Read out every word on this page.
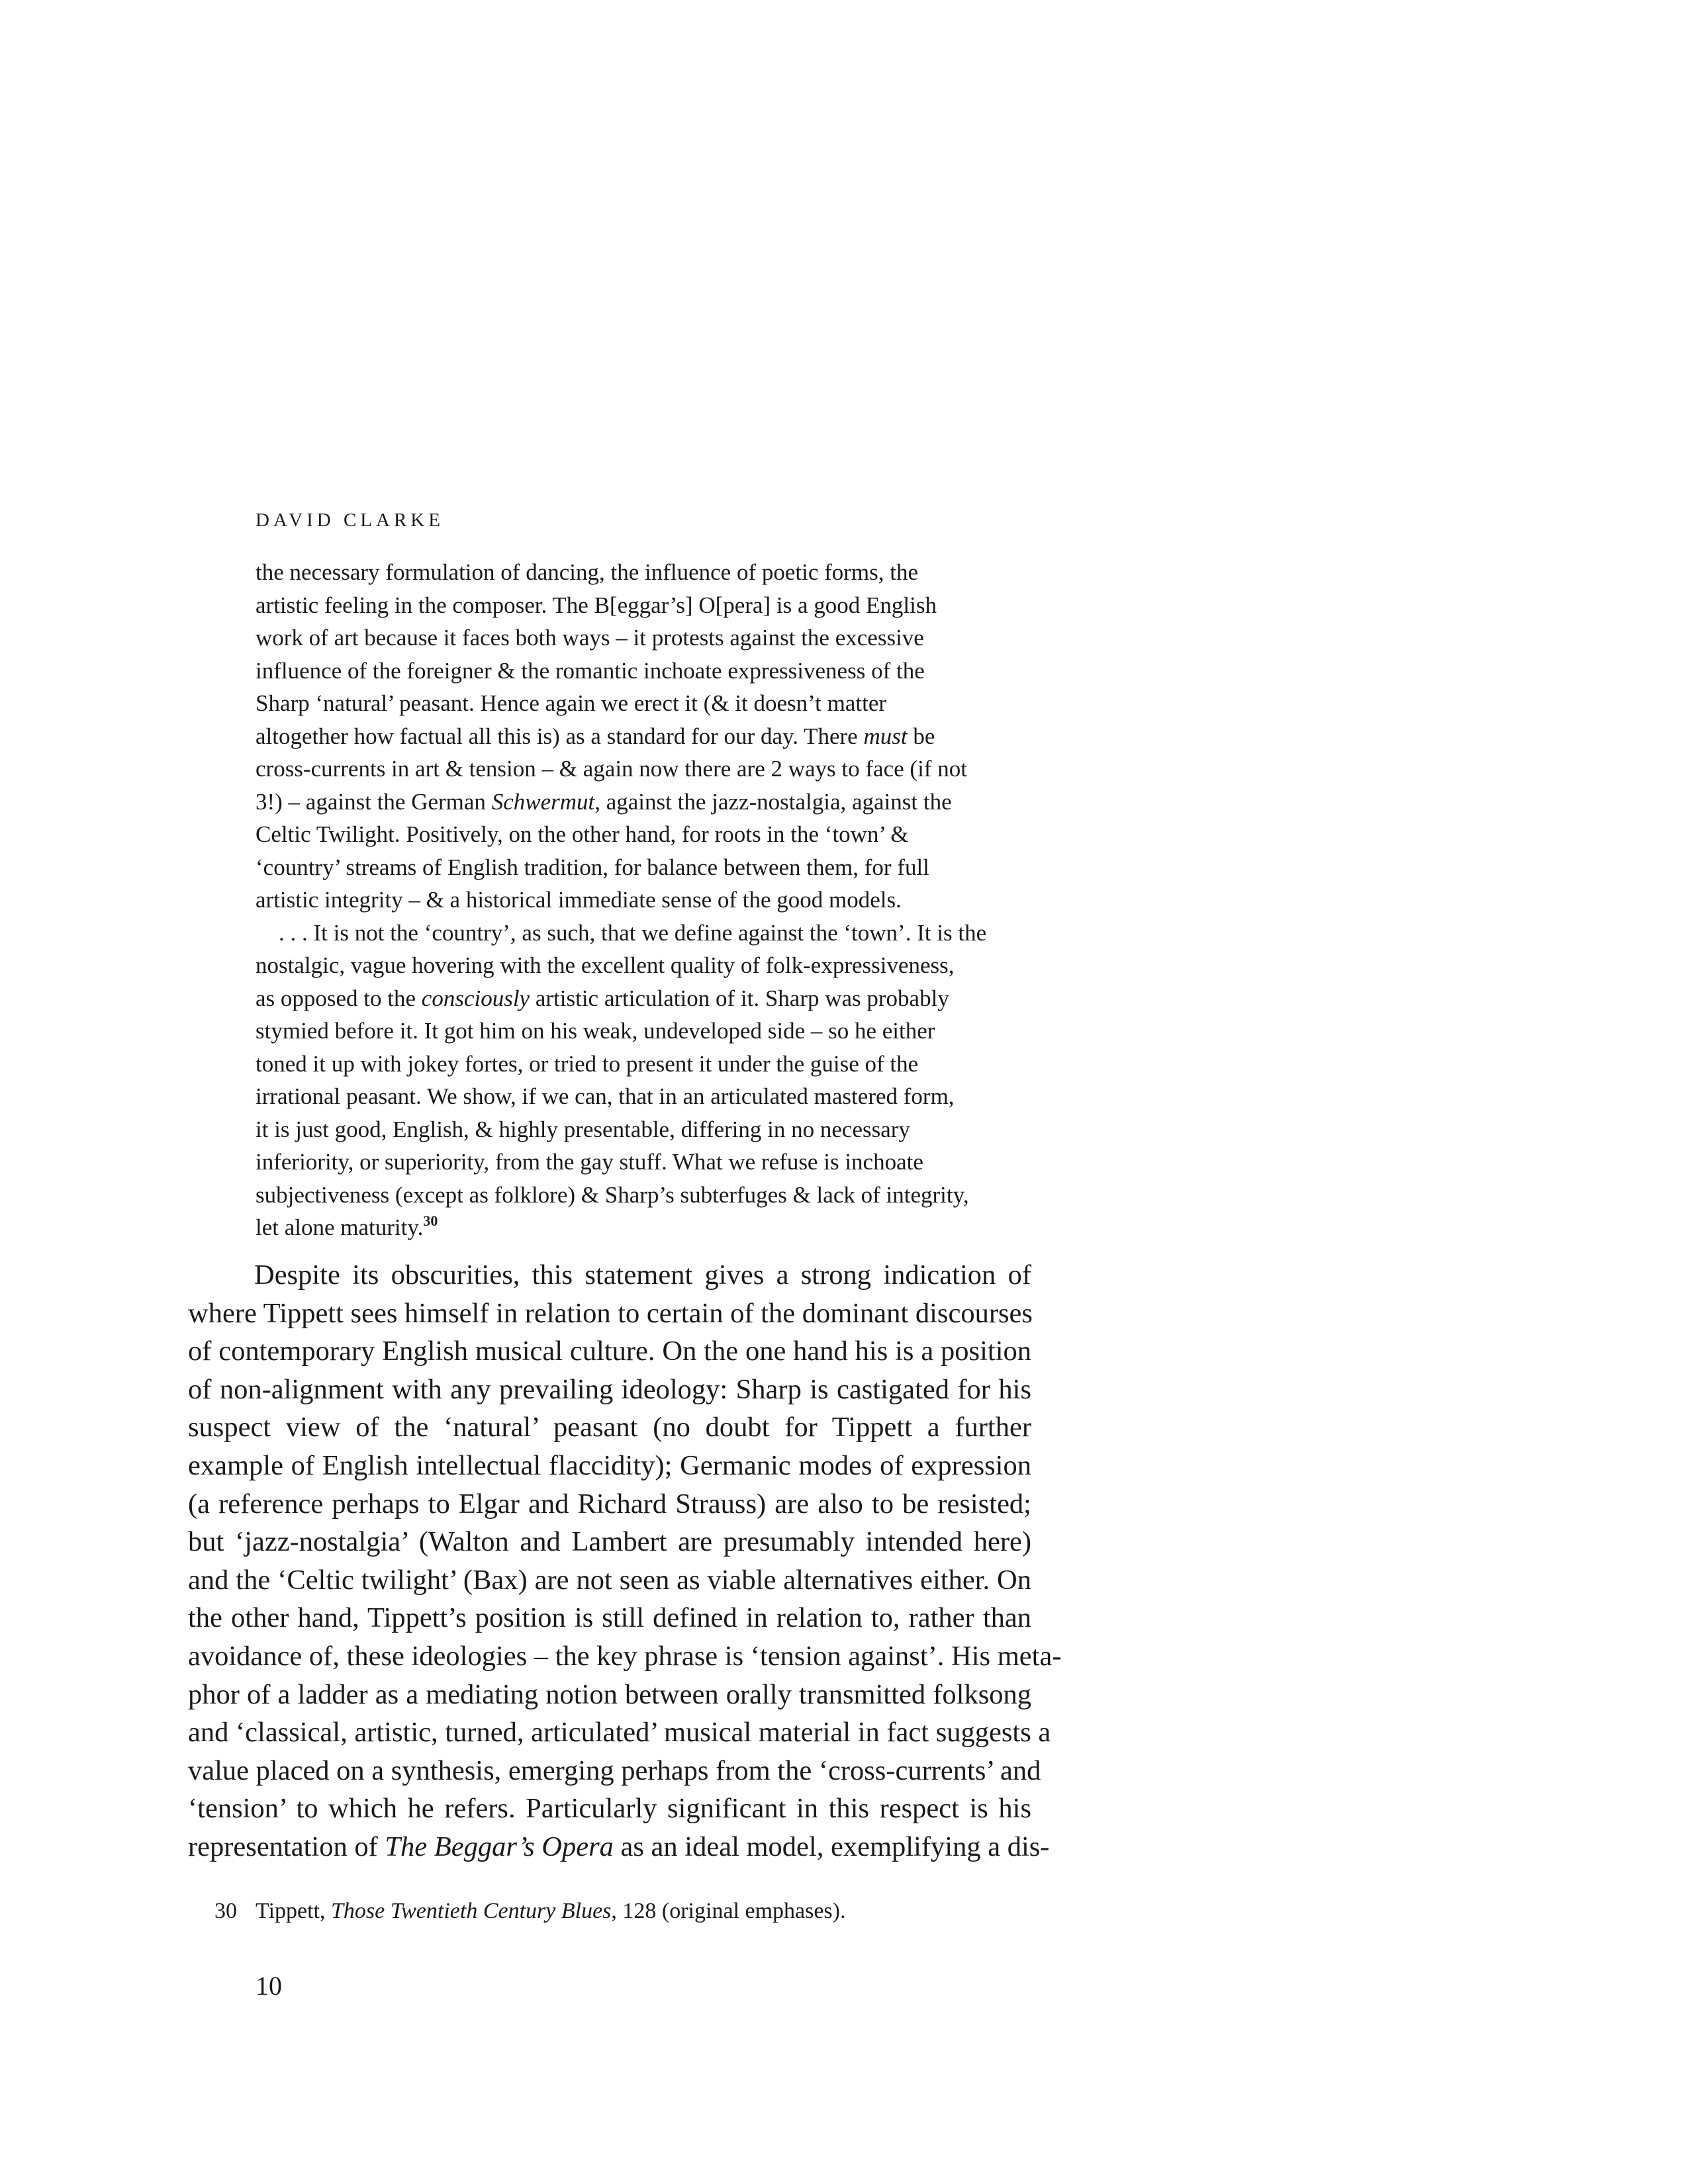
DAVID CLARKE
the necessary formulation of dancing, the influence of poetic forms, the
artistic feeling in the composer. The B[eggar’s] O[pera] is a good English
work of art because it faces both ways – it protests against the excessive
influence of the foreigner & the romantic inchoate expressiveness of the
Sharp ‘natural’ peasant. Hence again we erect it (& it doesn’t matter
altogether how factual all this is) as a standard for our day. There must be
cross-currents in art & tension – & again now there are 2 ways to face (if not
3!) – against the German Schwermut, against the jazz-nostalgia, against the
Celtic Twilight. Positively, on the other hand, for roots in the ‘town’ &
‘country’ streams of English tradition, for balance between them, for full
artistic integrity – & a historical immediate sense of the good models.
. . . It is not the ‘country’, as such, that we define against the ‘town’. It is the
nostalgic, vague hovering with the excellent quality of folk-expressiveness,
as opposed to the consciously artistic articulation of it. Sharp was probably
stymied before it. It got him on his weak, undeveloped side – so he either
toned it up with jokey fortes, or tried to present it under the guise of the
irrational peasant. We show, if we can, that in an articulated mastered form,
it is just good, English, & highly presentable, differing in no necessary
inferiority, or superiority, from the gay stuff. What we refuse is inchoate
subjectiveness (except as folklore) & Sharp’s subterfuges & lack of integrity,
let alone maturity.$^{30}$
Despite its obscurities, this statement gives a strong indication of
where Tippett sees himself in relation to certain of the dominant discourses
of contemporary English musical culture. On the one hand his is a position
of non-alignment with any prevailing ideology: Sharp is castigated for his
suspect view of the ‘natural’ peasant (no doubt for Tippett a further
example of English intellectual flaccidity); Germanic modes of expression
(a reference perhaps to Elgar and Richard Strauss) are also to be resisted;
but ‘jazz-nostalgia’ (Walton and Lambert are presumably intended here)
and the ‘Celtic twilight’ (Bax) are not seen as viable alternatives either. On
the other hand, Tippett’s position is still defined in relation to, rather than
avoidance of, these ideologies – the key phrase is ‘tension against’. His meta-
phor of a ladder as a mediating notion between orally transmitted folksong
and ‘classical, artistic, turned, articulated’ musical material in fact suggests a
value placed on a synthesis, emerging perhaps from the ‘cross-currents’ and
‘tension’ to which he refers. Particularly significant in this respect is his
representation of The Beggar’s Opera as an ideal model, exemplifying a dis-
30 Tippett, Those Twentieth Century Blues, 128 (original emphases).
10
